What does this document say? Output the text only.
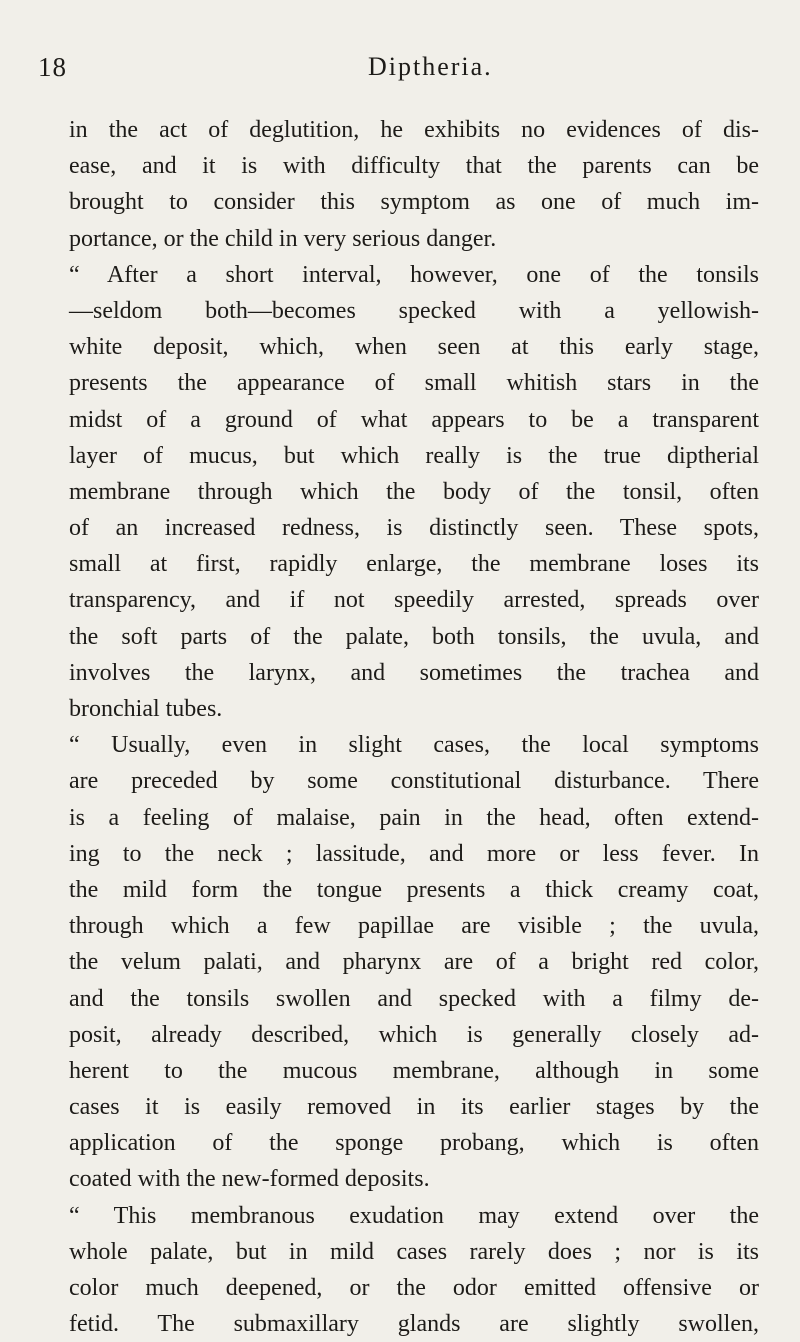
18	Diptheria.
in the act of deglutition, he exhibits no evidences of dis-
ease, and it is with difficulty that the parents can be
brought to consider this symptom as one of much im-
portance, or the child in very serious danger.
“ After a short interval, however, one of the tonsils
—seldom both—becomes specked with a yellowish-
white deposit, which, when seen at this early stage,
presents the appearance of small whitish stars in the
midst of a ground of what appears to be a transparent
layer of mucus, but which really is the true diptherial
membrane through which the body of the tonsil, often
of an increased redness, is distinctly seen. These spots,
small at first, rapidly enlarge, the membrane loses its
transparency, and if not speedily arrested, spreads over
the soft parts of the palate, both tonsils, the uvula, and
involves the larynx, and sometimes the trachea and
bronchial tubes.
“ Usually, even in slight cases, the local symptoms
are preceded by some constitutional disturbance. There
is a feeling of malaise, pain in the head, often extend-
ing to the neck ; lassitude, and more or less fever. In
the mild form the tongue presents a thick creamy coat,
through which a few papillae are visible ; the uvula,
the velum palati, and pharynx are of a bright red color,
and the tonsils swollen and specked with a filmy de-
posit, already described, which is generally closely ad-
herent to the mucous membrane, although in some
cases it is easily removed in its earlier stages by the
application of the sponge probang, which is often
coated with the new-formed deposits.
“ This membranous exudation may extend over the
whole palate, but in mild cases rarely does ; nor is its
color much deepened, or the odor emitted offensive or
fetid. The submaxillary glands are slightly swollen,
